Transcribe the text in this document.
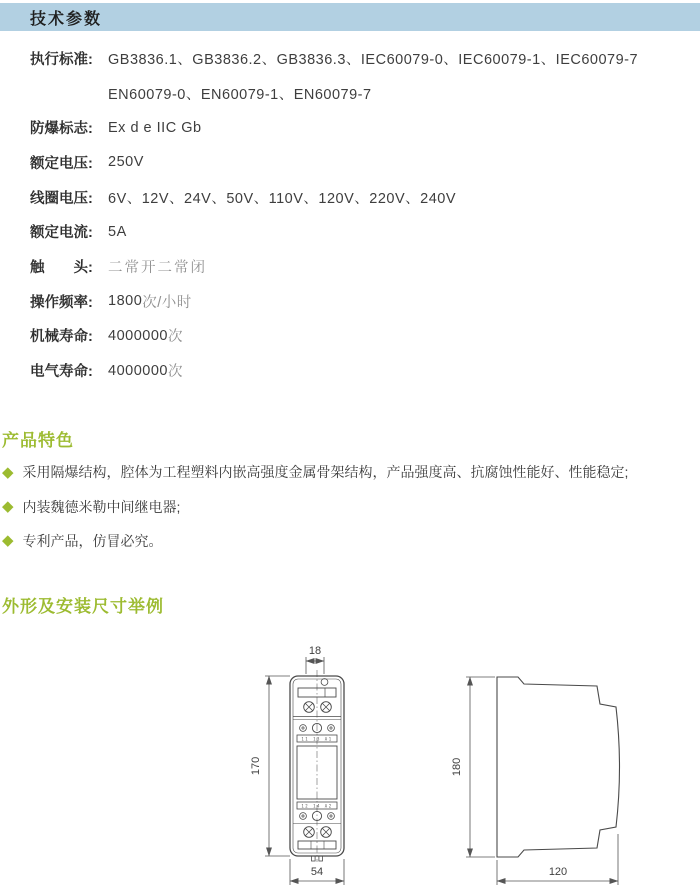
技术参数
执行标准:	GB3836.1、GB3836.2、GB3836.3、IEC60079-0、IEC60079-1、IEC60079-7
EN60079-0、EN60079-1、EN60079-7
防爆标志:	Ex d e IIC Gb
额定电压:	250V
线圈电压:	6V、12V、24V、50V、110V、120V、220V、240V
额定电流:	5A
触　　头:	二常开二常闭
操作频率:	1800 次/小时
机械寿命:	4000000 次
电气寿命:	4000000 次
产品特色
◆ 采用隔爆结构，腔体为工程塑料内嵌高强度金属骨架结构，产品强度高、抗腐蚀性能好、性能稳定;
◆ 内装魏德米勒中间继电器;
◆ 专利产品，仿冒必究。
外形及安装尺寸举例
11 13 A1
12 14 A2
18
170
54
180
120
